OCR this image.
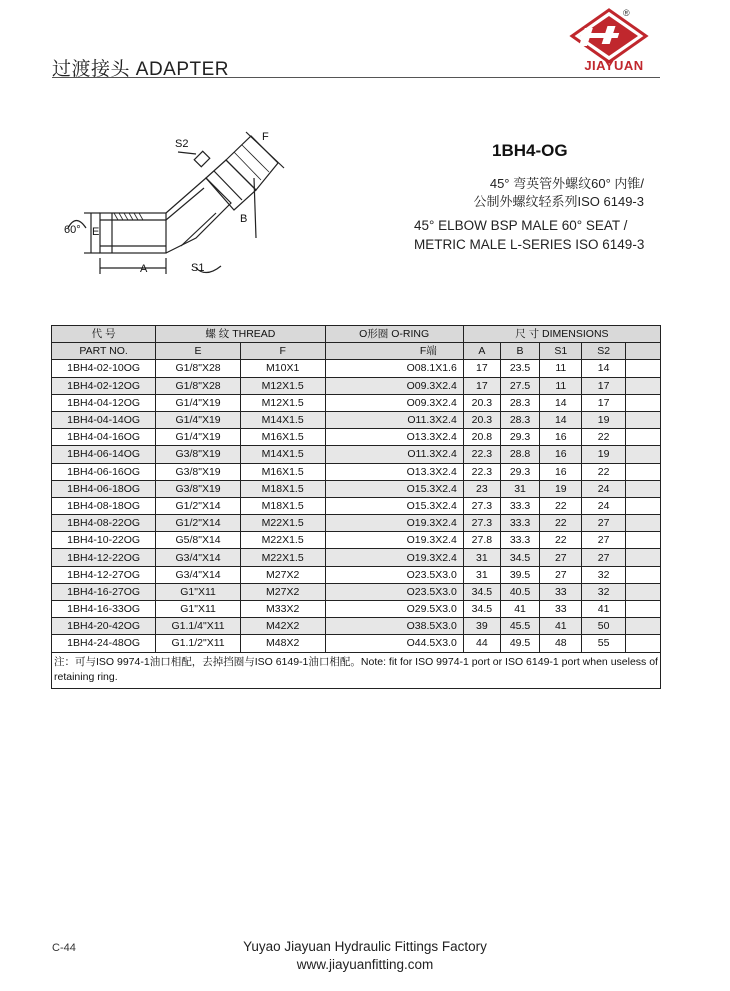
过渡接头 ADAPTER
®
JIAYUAN
S2
F
60° E
B
A	S1
1BH4-OG
45° 弯英管外螺纹60° 内锥/
公制外螺纹轻系列ISO 6149-3
45° ELBOW BSP MALE 60° SEAT /
METRIC MALE L-SERIES ISO 6149-3
代 号	螺 纹 THREAD		O形圈 O-RING	尺 寸 DIMENSIONS				
PART NO.	E	F	F端	A	B	S1	S2	
1BH4-02-10OG	G1/8"X28	M10X1	O08.1X1.6	17	23.5	11	14	
1BH4-02-12OG	G1/8"X28	M12X1.5	O09.3X2.4	17	27.5	11	17	
1BH4-04-12OG	G1/4"X19	M12X1.5	O09.3X2.4	20.3	28.3	14	17	
1BH4-04-14OG	G1/4"X19	M14X1.5	O11.3X2.4	20.3	28.3	14	19	
1BH4-04-16OG	G1/4"X19	M16X1.5	O13.3X2.4	20.8	29.3	16	22	
1BH4-06-14OG	G3/8"X19	M14X1.5	O11.3X2.4	22.3	28.8	16	19	
1BH4-06-16OG	G3/8"X19	M16X1.5	O13.3X2.4	22.3	29.3	16	22	
1BH4-06-18OG	G3/8"X19	M18X1.5	O15.3X2.4	23	31	19	24	
1BH4-08-18OG	G1/2"X14	M18X1.5	O15.3X2.4	27.3	33.3	22	24	
1BH4-08-22OG	G1/2"X14	M22X1.5	O19.3X2.4	27.3	33.3	22	27	
1BH4-10-22OG	G5/8"X14	M22X1.5	O19.3X2.4	27.8	33.3	22	27	
1BH4-12-22OG	G3/4"X14	M22X1.5	O19.3X2.4	31	34.5	27	27	
1BH4-12-27OG	G3/4"X14	M27X2	O23.5X3.0	31	39.5	27	32	
1BH4-16-27OG	G1"X11	M27X2	O23.5X3.0	34.5	40.5	33	32	
1BH4-16-33OG	G1"X11	M33X2	O29.5X3.0	34.5	41	33	41	
1BH4-20-42OG	G1.1/4"X11	M42X2	O38.5X3.0	39	45.5	41	50	
1BH4-24-48OG	G1.1/2"X11	M48X2	O44.5X3.0	44	49.5	48	55	
注：可与ISO 9974-1油口相配，去掉挡圈与ISO 6149-1油口相配。Note: fit for ISO 9974-1 port or ISO 6149-1 port when useless of retaining ring.								
C-44	Yuyao Jiayuan Hydraulic Fittings Factory
www.jiayuanfitting.com
